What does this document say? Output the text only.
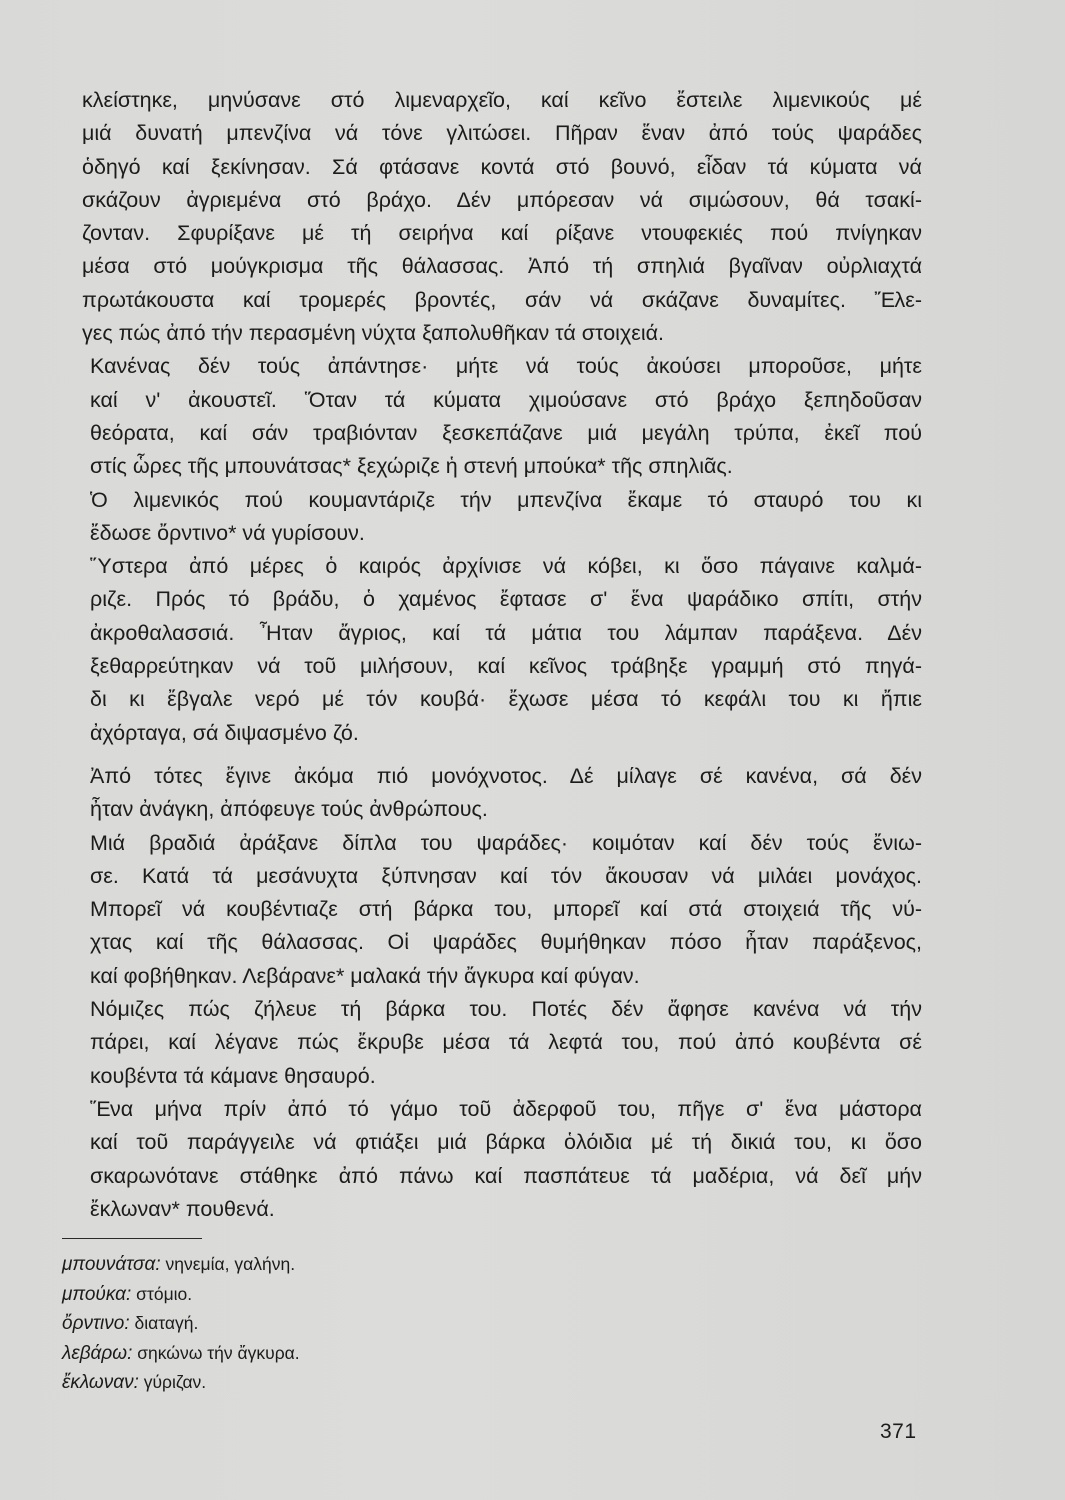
κλείστηκε, μηνύσανε στό λιμεναρχεῖο, καί κεῖνο ἔστειλε λιμενικούς μέ
μιά δυνατή μπενζίνα νά τόνε γλιτώσει. Πῆραν ἕναν ἀπό τούς ψαράδες
ὁδηγό καί ξεκίνησαν. Σά φτάσανε κοντά στό βουνό, εἶδαν τά κύματα νά
σκάζουν ἀγριεμένα στό βράχο. Δέν μπόρεσαν νά σιμώσουν, θά τσακί-
ζονταν. Σφυρίξανε μέ τή σειρήνα καί ρίξανε ντουφεκιές πού πνίγηκαν
μέσα στό μούγκρισμα τῆς θάλασσας. Ἀπό τή σπηλιά βγαῖναν οὐρλιαχτά
πρωτάκουστα καί τρομερές βροντές, σάν νά σκάζανε δυναμίτες. Ἔλε-
γες πώς ἀπό τήν περασμένη νύχτα ξαπολυθῆκαν τά στοιχειά.

Κανένας δέν τούς ἀπάντησε· μήτε νά τούς ἀκούσει μποροῦσε, μήτε
καί ν' ἀκουστεῖ. Ὅταν τά κύματα χιμούσανε στό βράχο ξεπηδοῦσαν
θεόρατα, καί σάν τραβιόνταν ξεσκεπάζανε μιά μεγάλη τρύπα, ἐκεῖ πού
στίς ὧρες τῆς μπουνάτσας* ξεχώριζε ἡ στενή μπούκα* τῆς σπηλιᾶς.

Ὁ λιμενικός πού κουμαντάριζε τήν μπενζίνα ἔκαμε τό σταυρό του κι
ἔδωσε ὄρντινο* νά γυρίσουν.

Ὕστερα ἀπό μέρες ὁ καιρός ἀρχίνισε νά κόβει, κι ὅσο πάγαινε καλμά-
ριζε. Πρός τό βράδυ, ὁ χαμένος ἔφτασε σ' ἕνα ψαράδικο σπίτι, στήν
ἀκροθαλασσιά. Ἦταν ἄγριος, καί τά μάτια του λάμπαν παράξενα. Δέν
ξεθαρρεύτηκαν νά τοῦ μιλήσουν, καί κεῖνος τράβηξε γραμμή στό πηγά-
δι κι ἔβγαλε νερό μέ τόν κουβά· ἔχωσε μέσα τό κεφάλι του κι ἤπιε
ἀχόρταγα, σά διψασμένο ζό.

Ἀπό τότες ἔγινε ἀκόμα πιό μονόχνοτος. Δέ μίλαγε σέ κανένα, σά δέν
ἦταν ἀνάγκη, ἀπόφευγε τούς ἀνθρώπους.

Μιά βραδιά ἀράξανε δίπλα του ψαράδες· κοιμόταν καί δέν τούς ἔνιω-
σε. Κατά τά μεσάνυχτα ξύπνησαν καί τόν ἄκουσαν νά μιλάει μονάχος.
Μπορεῖ νά κουβέντιαζε στή βάρκα του, μπορεῖ καί στά στοιχειά τῆς νύ-
χτας καί τῆς θάλασσας. Οἱ ψαράδες θυμήθηκαν πόσο ἦταν παράξενος,
καί φοβήθηκαν. Λεβάρανε* μαλακά τήν ἄγκυρα καί φύγαν.

Νόμιζες πώς ζήλευε τή βάρκα του. Ποτές δέν ἄφησε κανένα νά τήν
πάρει, καί λέγανε πώς ἔκρυβε μέσα τά λεφτά του, πού ἀπό κουβέντα σέ
κουβέντα τά κάμανε θησαυρό.

Ἕνα μήνα πρίν ἀπό τό γάμο τοῦ ἀδερφοῦ του, πῆγε σ' ἕνα μάστορα
καί τοῦ παράγγειλε νά φτιάξει μιά βάρκα ὁλόιδια μέ τή δικιά του, κι ὅσο
σκαρωνότανε στάθηκε ἀπό πάνω καί πασπάτευε τά μαδέρια, νά δεῖ μήν
ἔκλωναν* πουθενά.

μπουνάτσα: νηνεμία, γαλήνη.
μπούκα: στόμιο.
ὄρντινο: διαταγή.
λεβάρω: σηκώνω τήν ἄγκυρα.
ἔκλωναν: γύριζαν.
371
